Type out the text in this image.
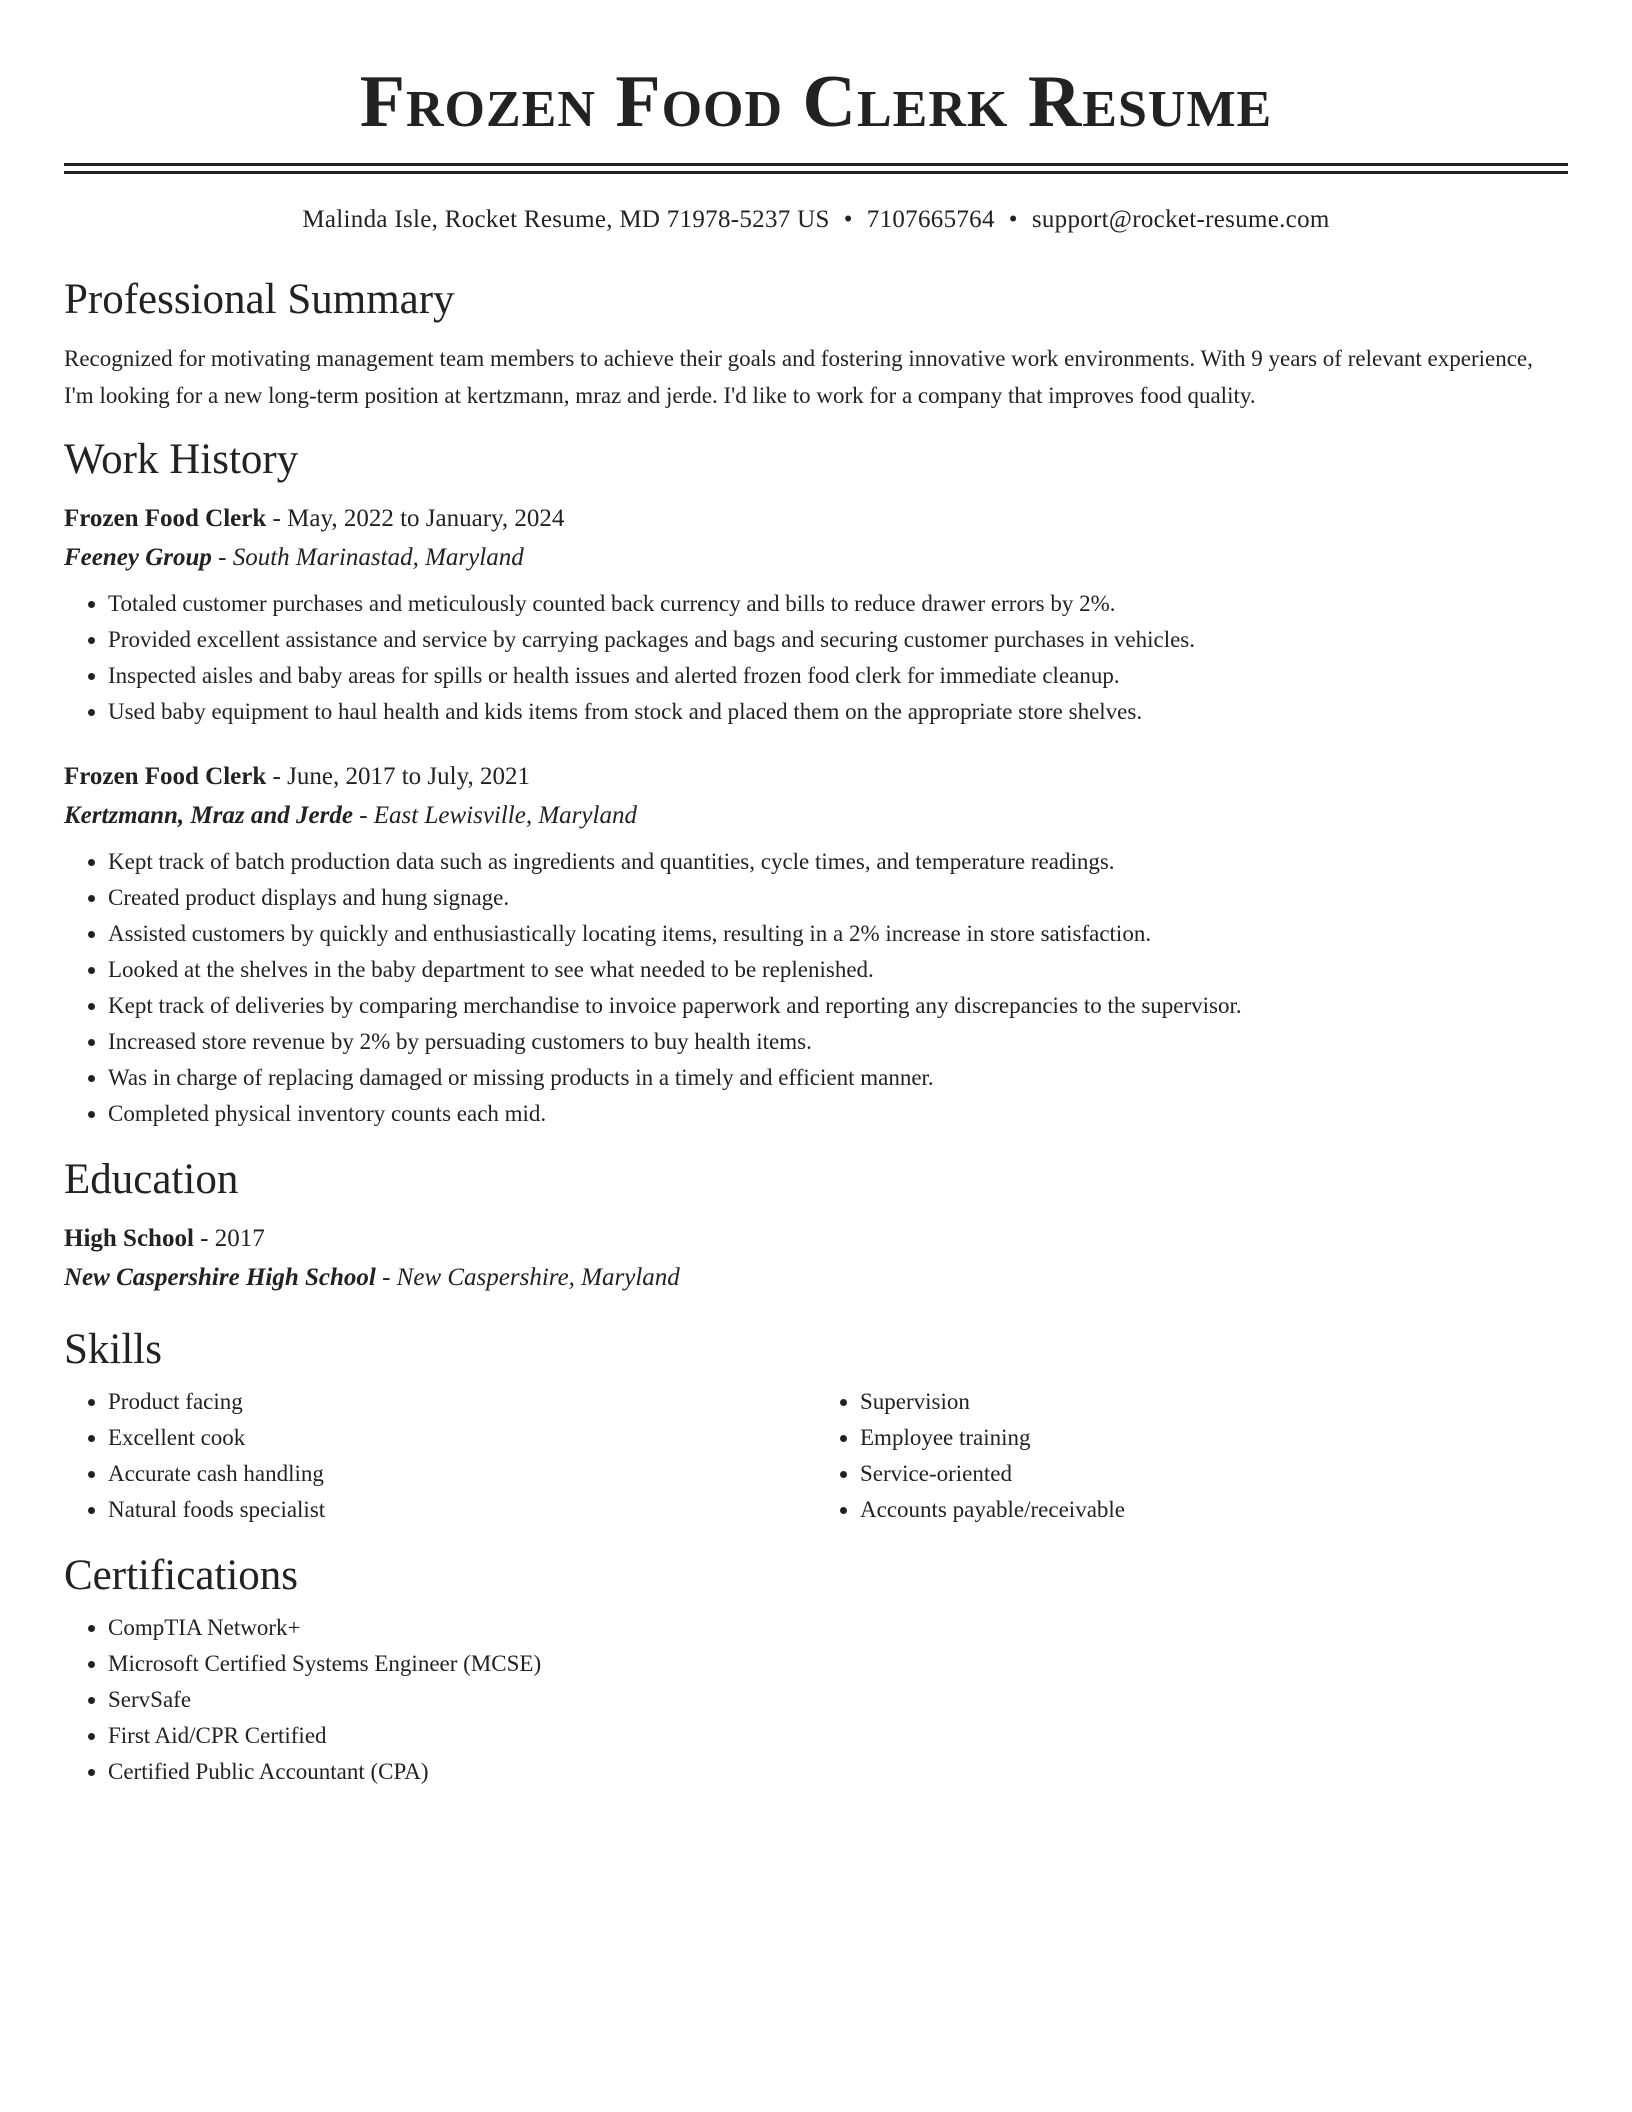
Frozen Food Clerk Resume
Malinda Isle, Rocket Resume, MD 71978-5237 US • 7107665764 • support@rocket-resume.com
Professional Summary

Recognized for motivating management team members to achieve their goals and fostering innovative work environments. With 9 years of relevant experience, I'm looking for a new long-term position at kertzmann, mraz and jerde. I'd like to work for a company that improves food quality.

Work History
Frozen Food Clerk - May, 2022 to January, 2024
Feeney Group - South Marinastad, Maryland
• Totaled customer purchases and meticulously counted back currency and bills to reduce drawer errors by 2%.
• Provided excellent assistance and service by carrying packages and bags and securing customer purchases in vehicles.
• Inspected aisles and baby areas for spills or health issues and alerted frozen food clerk for immediate cleanup.
• Used baby equipment to haul health and kids items from stock and placed them on the appropriate store shelves.
Frozen Food Clerk - June, 2017 to July, 2021
Kertzmann, Mraz and Jerde - East Lewisville, Maryland
• Kept track of batch production data such as ingredients and quantities, cycle times, and temperature readings.
• Created product displays and hung signage.
• Assisted customers by quickly and enthusiastically locating items, resulting in a 2% increase in store satisfaction.
• Looked at the shelves in the baby department to see what needed to be replenished.
• Kept track of deliveries by comparing merchandise to invoice paperwork and reporting any discrepancies to the supervisor.
• Increased store revenue by 2% by persuading customers to buy health items.
• Was in charge of replacing damaged or missing products in a timely and efficient manner.
• Completed physical inventory counts each mid.
Education
High School - 2017
New Caspershire High School - New Caspershire, Maryland
Skills
• Product facing
• Excellent cook
• Accurate cash handling
• Natural foods specialist
• Supervision
• Employee training
• Service-oriented
• Accounts payable/receivable
Certifications
• CompTIA Network+
• Microsoft Certified Systems Engineer (MCSE)
• ServSafe
• First Aid/CPR Certified
• Certified Public Accountant (CPA)
